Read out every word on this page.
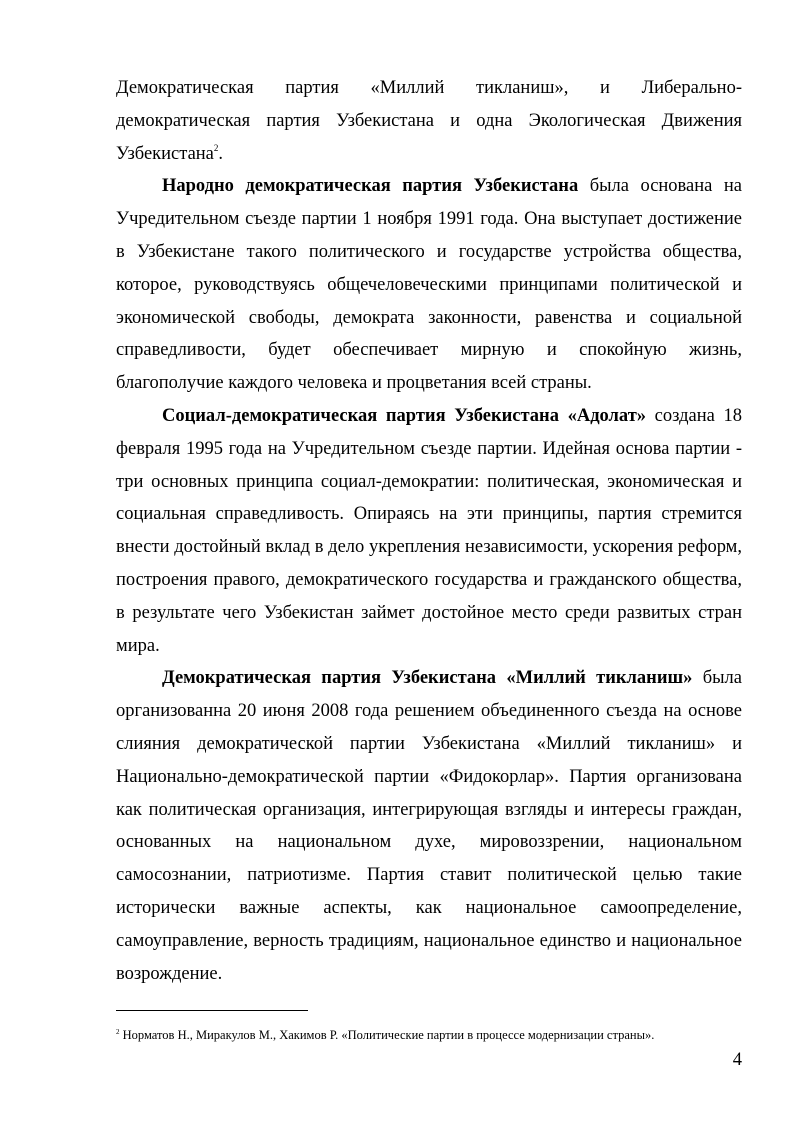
Демократическая партия «Миллий тикланиш», и Либерально-
демократическая партия Узбекистана и одна Экологическая Движения
Узбекистана$^2$.
Народно демократическая партия Узбекистана была основана на
Учредительном съезде партии 1 ноября 1991 года. Она выступает достижение
в Узбекистане такого политического и государстве устройства общества,
которое, руководствуясь общечеловеческими принципами политической и
экономической свободы, демократа законности, равенства и социальной
справедливости, будет обеспечивает мирную и спокойную жизнь,
благополучие каждого человека и процветания всей страны.
Социал-демократическая партия Узбекистана «Адолат» создана 18
февраля 1995 года на Учредительном съезде партии. Идейная основа партии -
три основных принципа социал-демократии: политическая, экономическая и
социальная справедливость. Опираясь на эти принципы, партия стремится
внести достойный вклад в дело укрепления независимости, ускорения реформ,
построения правого, демократического государства и гражданского общества,
в результате чего Узбекистан займет достойное место среди развитых стран
мира.
Демократическая партия Узбекистана «Миллий тикланиш» была
организованна 20 июня 2008 года решением объединенного съезда на основе
слияния демократической партии Узбекистана «Миллий тикланиш» и
Национально-демократической партии «Фидокорлар». Партия организована
как политическая организация, интегрирующая взгляды и интересы граждан,
основанных на национальном духе, мировоззрении, национальном
самосознании, патриотизме. Партия ставит политической целью такие
исторически важные аспекты, как национальное самоопределение,
самоуправление, верность традициям, национальное единство и национальное
возрождение.
$^2$ Норматов Н., Миракулов М., Хакимов Р. «Политические партии в процессе модернизации страны».
4
